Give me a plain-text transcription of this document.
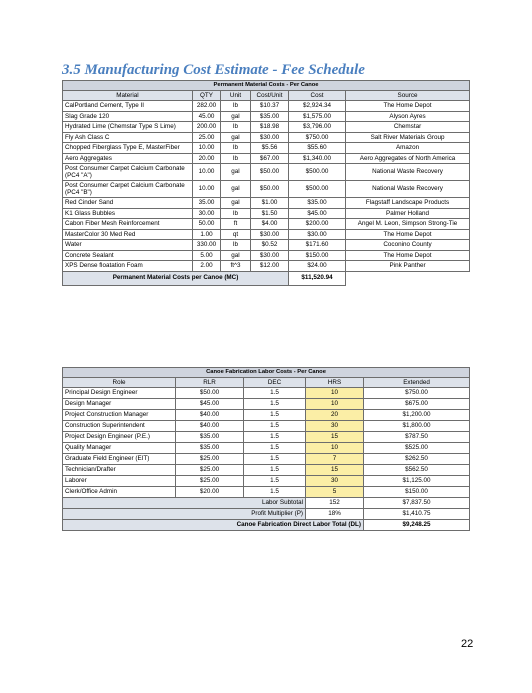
3.5 Manufacturing Cost Estimate - Fee Schedule
Permanent Material Costs - Per Canoe					
Material	QTY	Unit	Cost/Unit	Cost	Source
CalPortland Cement, Type II	282.00	lb	$10.37	$2,924.34	The Home Depot
Slag Grade 120	45.00	gal	$35.00	$1,575.00	Alyson Ayres
Hydrated Lime (Chemstar Type S Lime)	200.00	lb	$18.98	$3,796.00	Chemstar
Fly Ash Class C	25.00	gal	$30.00	$750.00	Salt River Materials Group
Chopped Fiberglass Type E, MasterFiber	10.00	lb	$5.56	$55.60	Amazon
Aero Aggregates	20.00	lb	$67.00	$1,340.00	Aero Aggregates of North America
Post Consumer Carpet Calcium Carbonate (PC4 "A")	10.00	gal	$50.00	$500.00	National Waste Recovery
Post Consumer Carpet Calcium Carbonate (PC4 "B")	10.00	gal	$50.00	$500.00	National Waste Recovery
Red Cinder Sand	35.00	gal	$1.00	$35.00	Flagstaff Landscape Products
K1 Glass Bubbles	30.00	lb	$1.50	$45.00	Palmer Holland
Cabon Fiber Mesh Reinforcement	50.00	ft	$4.00	$200.00	Angel M. Leon, Simpson Strong-Tie
MasterColor 30 Med Red	1.00	qt	$30.00	$30.00	The Home Depot
Water	330.00	lb	$0.52	$171.60	Coconino County
Concrete Sealant	5.00	gal	$30.00	$150.00	The Home Depot
XPS Dense floatation Foam	2.00	ft^3	$12.00	$24.00	Pink Panther
Permanent Material Costs per Canoe (MC)				$11,520.94	
Canoe Fabrication Labor Costs - Per Canoe				
Role	RLR	DEC	HRS	Extended
Principal Design Engineer	$50.00	1.5	10	$750.00
Design Manager	$45.00	1.5	10	$675.00
Project Construction Manager	$40.00	1.5	20	$1,200.00
Construction Superintendent	$40.00	1.5	30	$1,800.00
Project Design Engineer (P.E.)	$35.00	1.5	15	$787.50
Quality Manager	$35.00	1.5	10	$525.00
Graduate Field Engineer (EIT)	$25.00	1.5	7	$262.50
Technician/Drafter	$25.00	1.5	15	$562.50
Laborer	$25.00	1.5	30	$1,125.00
Clerk/Office Admin	$20.00	1.5	5	$150.00
Labor Subtotal			152	$7,837.50
Profit Multiplier (P)			18%	$1,410.75
Canoe Fabrication Direct Labor Total (DL)				$9,248.25
22
